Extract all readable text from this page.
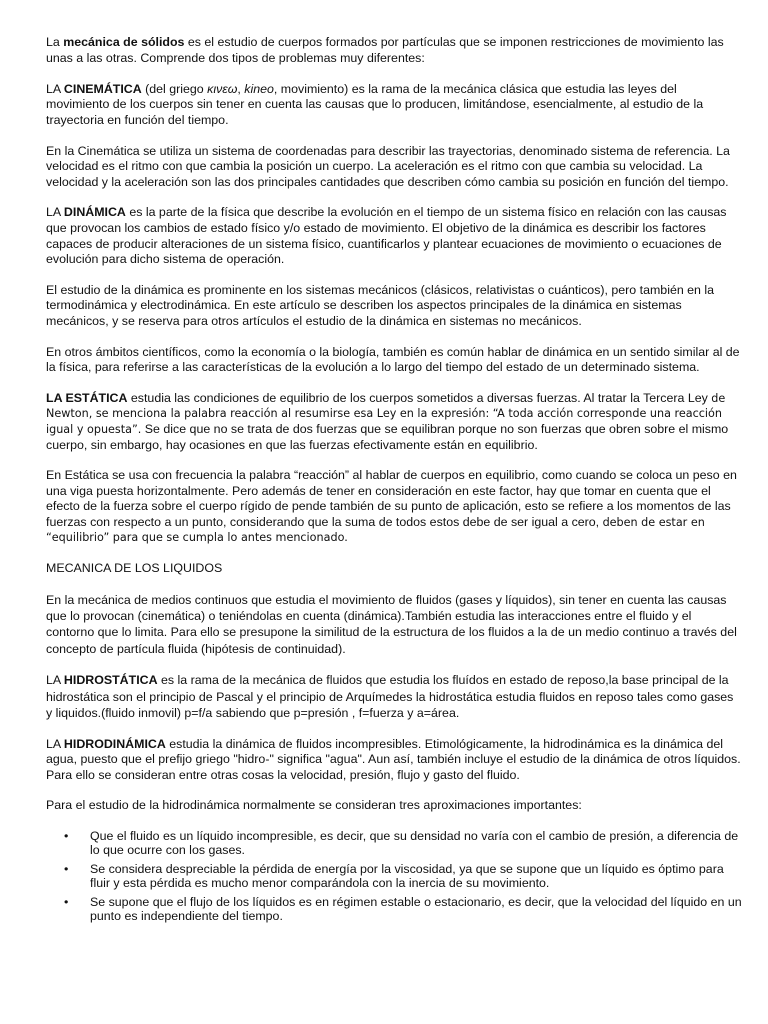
La mecánica de sólidos es el estudio de cuerpos formados por partículas que se imponen restricciones de movimiento las unas a las otras. Comprende dos tipos de problemas muy diferentes:

LA CINEMÁTICA (del griego κινεω, kineo, movimiento) es la rama de la mecánica clásica que estudia las leyes del movimiento de los cuerpos sin tener en cuenta las causas que lo producen, limitándose, esencialmente, al estudio de la trayectoria en función del tiempo.

En la Cinemática se utiliza un sistema de coordenadas para describir las trayectorias, denominado sistema de referencia. La velocidad es el ritmo con que cambia la posición un cuerpo. La aceleración es el ritmo con que cambia su velocidad. La velocidad y la aceleración son las dos principales cantidades que describen cómo cambia su posición en función del tiempo.

LA DINÁMICA es la parte de la física que describe la evolución en el tiempo de un sistema físico en relación con las causas que provocan los cambios de estado físico y/o estado de movimiento. El objetivo de la dinámica es describir los factores capaces de producir alteraciones de un sistema físico, cuantificarlos y plantear ecuaciones de movimiento o ecuaciones de evolución para dicho sistema de operación.

El estudio de la dinámica es prominente en los sistemas mecánicos (clásicos, relativistas o cuánticos), pero también en la termodinámica y electrodinámica. En este artículo se describen los aspectos principales de la dinámica en sistemas mecánicos, y se reserva para otros artículos el estudio de la dinámica en sistemas no mecánicos.

En otros ámbitos científicos, como la economía o la biología, también es común hablar de dinámica en un sentido similar al de la física, para referirse a las características de la evolución a lo largo del tiempo del estado de un determinado sistema.

LA ESTÁTICA estudia las condiciones de equilibrio de los cuerpos sometidos a diversas fuerzas. Al tratar la Tercera Ley de Newton, se menciona la palabra reacción al resumirse esa Ley en la expresión: “A toda acción corresponde una reacción igual y opuesta”. Se dice que no se trata de dos fuerzas que se equilibran porque no son fuerzas que obren sobre el mismo cuerpo, sin embargo, hay ocasiones en que las fuerzas efectivamente están en equilibrio.

En Estática se usa con frecuencia la palabra “reacción” al hablar de cuerpos en equilibrio, como cuando se coloca un peso en una viga puesta horizontalmente. Pero además de tener en consideración en este factor, hay que tomar en cuenta que el efecto de la fuerza sobre el cuerpo rígido de pende también de su punto de aplicación, esto se refiere a los momentos de las fuerzas con respecto a un punto, considerando que la suma de todos estos debe de ser igual a cero, deben de estar en “equilibrio” para que se cumpla lo antes mencionado.

MECANICA DE LOS LIQUIDOS

En la mecánica de medios continuos que estudia el movimiento de fluidos (gases y líquidos), sin tener en cuenta las causas que lo provocan (cinemática) o teniéndolas en cuenta (dinámica).También estudia las interacciones entre el fluido y el contorno que lo limita. Para ello se presupone la similitud de la estructura de los fluidos a la de un medio continuo a través del concepto de partícula fluida (hipótesis de continuidad).

LA HIDROSTÁTICA es la rama de la mecánica de fluidos que estudia los fluídos en estado de reposo,la base principal de la hidrostática son el principio de Pascal y el principio de Arquímedes la hidrostática estudia fluidos en reposo tales como gases y liquidos.(fluido inmovil) p=f/a sabiendo que p=presión , f=fuerza y a=área.

LA HIDRODINÁMICA estudia la dinámica de fluidos incompresibles. Etimológicamente, la hidrodinámica es la dinámica del agua, puesto que el prefijo griego "hidro-" significa "agua". Aun así, también incluye el estudio de la dinámica de otros líquidos. Para ello se consideran entre otras cosas la velocidad, presión, flujo y gasto del fluido.

Para el estudio de la hidrodinámica normalmente se consideran tres aproximaciones importantes:

• Que el fluido es un líquido incompresible, es decir, que su densidad no varía con el cambio de presión, a diferencia de lo que ocurre con los gases.
• Se considera despreciable la pérdida de energía por la viscosidad, ya que se supone que un líquido es óptimo para fluir y esta pérdida es mucho menor comparándola con la inercia de su movimiento.
• Se supone que el flujo de los líquidos es en régimen estable o estacionario, es decir, que la velocidad del líquido en un punto es independiente del tiempo.
